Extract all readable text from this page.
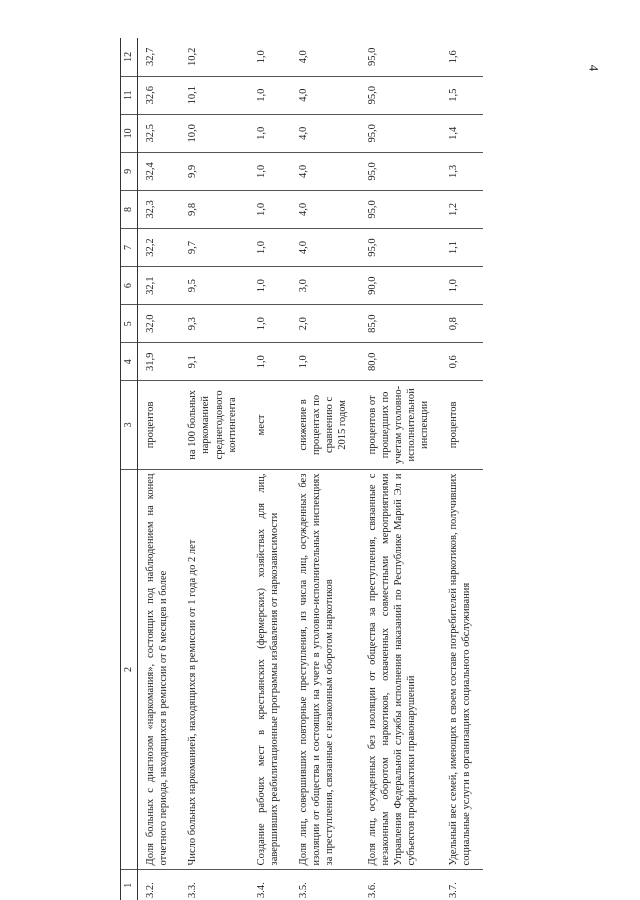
4
1	2	3	4	5	6	7	8	9	10	11	12
3.2.	Доля больных с диагнозом «наркомания», состоящих под наблюдением на конец отчетного периода, находящихся в ремиссии от 6 месяцев и более	процентов	31,9	32,0	32,1	32,2	32,3	32,4	32,5	32,6	32,7
3.3.	Число больных наркоманией, находящихся в ремиссии от 1 года до 2 лет	на 100 больных наркоманией среднегодового контингента	9,1	9,3	9,5	9,7	9,8	9,9	10,0	10,1	10,2
3.4.	Создание рабочих мест в крестьянских (фермерских) хозяйствах для лиц, завершивших реабилитационные программы избавления от наркозависимости	мест	1,0	1,0	1,0	1,0	1,0	1,0	1,0	1,0	1,0
3.5.	Доля лиц, совершивших повторные преступления, из числа лиц, осужденных без изоляции от общества и состоящих на учете в уголовно-исполнительных инспекциях за преступления, связанные с незаконным оборотом наркотиков	снижение в процентах по сравнению с 2015 годом	1,0	2,0	3,0	4,0	4,0	4,0	4,0	4,0	4,0
3.6.	Доля лиц, осужденных без изоляции от общества за преступления, связанные с незаконным оборотом наркотиков, охваченных совместными мероприятиями Управления Федеральной службы исполнения наказаний по Республике Марий Эл и субъектов профилактики правонарушений	процентов от прошедших по учетам уголовно-исполнительной инспекции	80,0	85,0	90,0	95,0	95,0	95,0	95,0	95,0	95,0
3.7.	Удельный вес семей, имеющих в своем составе потребителей наркотиков, получивших социальные услуги в организациях социального обслуживания	процентов	0,6	0,8	1,0	1,1	1,2	1,3	1,4	1,5	1,6
